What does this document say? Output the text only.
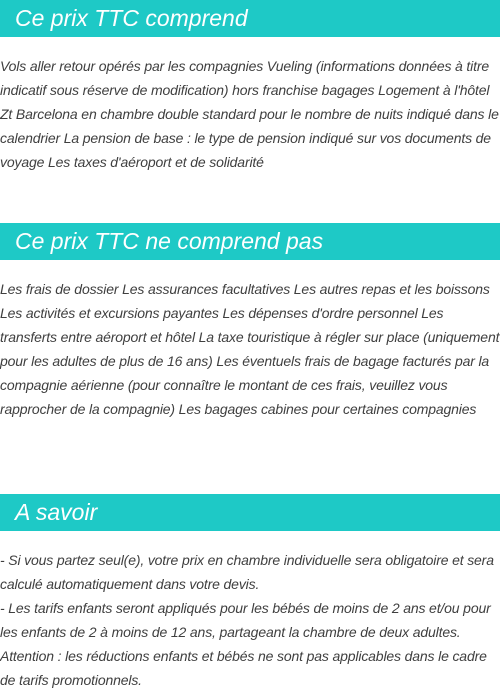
Ce prix TTC comprend

Vols aller retour opérés par les compagnies Vueling (informations données à titre indicatif sous réserve de modification) hors franchise bagages Logement à l'hôtel Zt Barcelona en chambre double standard pour le nombre de nuits indiqué dans le calendrier La pension de base : le type de pension indiqué sur vos documents de voyage Les taxes d'aéroport et de solidarité

Ce prix TTC ne comprend pas

Les frais de dossier Les assurances facultatives Les autres repas et les boissons Les activités et excursions payantes Les dépenses d'ordre personnel Les transferts entre aéroport et hôtel La taxe touristique à régler sur place (uniquement pour les adultes de plus de 16 ans) Les éventuels frais de bagage facturés par la compagnie aérienne (pour connaître le montant de ces frais, veuillez vous rapprocher de la compagnie) Les bagages cabines pour certaines compagnies

A savoir

- Si vous partez seul(e), votre prix en chambre individuelle sera obligatoire et sera calculé automatiquement dans votre devis.

- Les tarifs enfants seront appliqués pour les bébés de moins de 2 ans et/ou pour les enfants de 2 à moins de 12 ans, partageant la chambre de deux adultes.

Attention : les réductions enfants et bébés ne sont pas applicables dans le cadre de tarifs promotionnels.
